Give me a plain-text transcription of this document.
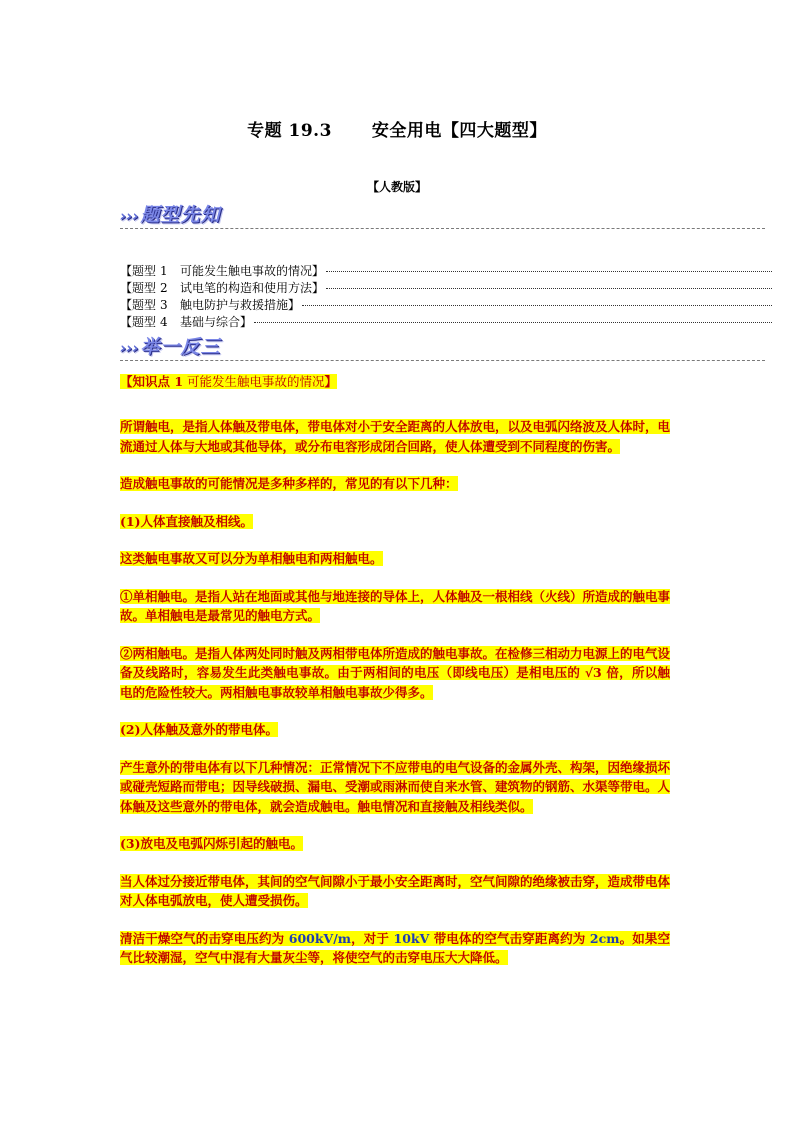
专题 19.3 安全用电【四大题型】
【人教版】
››› 题型先知
【题型 1 可能发生触电事故的情况】
【题型 2 试电笔的构造和使用方法】
【题型 3 触电防护与救援措施】
【题型 4 基础与综合】
››› 举一反三
【知识点 1 可能发生触电事故的情况】

所谓触电，是指人体触及带电体，带电体对小于安全距离的人体放电，以及电弧闪络波及人体时，电流通过人体与大地或其他导体，或分布电容形成闭合回路，使人体遭受到不同程度的伤害。

造成触电事故的可能情况是多种多样的，常见的有以下几种：

(1)人体直接触及相线。

这类触电事故又可以分为单相触电和两相触电。

①单相触电。是指人站在地面或其他与地连接的导体上，人体触及一根相线（火线）所造成的触电事故。单相触电是最常见的触电方式。

②两相触电。是指人体两处同时触及两相带电体所造成的触电事故。在检修三相动力电源上的电气设备及线路时，容易发生此类触电事故。由于两相间的电压（即线电压）是相电压的 √3 倍，所以触电的危险性较大。两相触电事故较单相触电事故少得多。

(2)人体触及意外的带电体。

产生意外的带电体有以下几种情况：正常情况下不应带电的电气设备的金属外壳、构架，因绝缘损坏或碰壳短路而带电；因导线破损、漏电、受潮或雨淋而使自来水管、建筑物的钢筋、水渠等带电。人体触及这些意外的带电体，就会造成触电。触电情况和直接触及相线类似。

(3)放电及电弧闪烁引起的触电。

当人体过分接近带电体，其间的空气间隙小于最小安全距离时，空气间隙的绝缘被击穿，造成带电体对人体电弧放电，使人遭受损伤。

清洁干燥空气的击穿电压约为 600kV/m，对于 10kV 带电体的空气击穿距离约为 2cm。如果空气比较潮湿，空气中混有大量灰尘等，将使空气的击穿电压大大降低。
